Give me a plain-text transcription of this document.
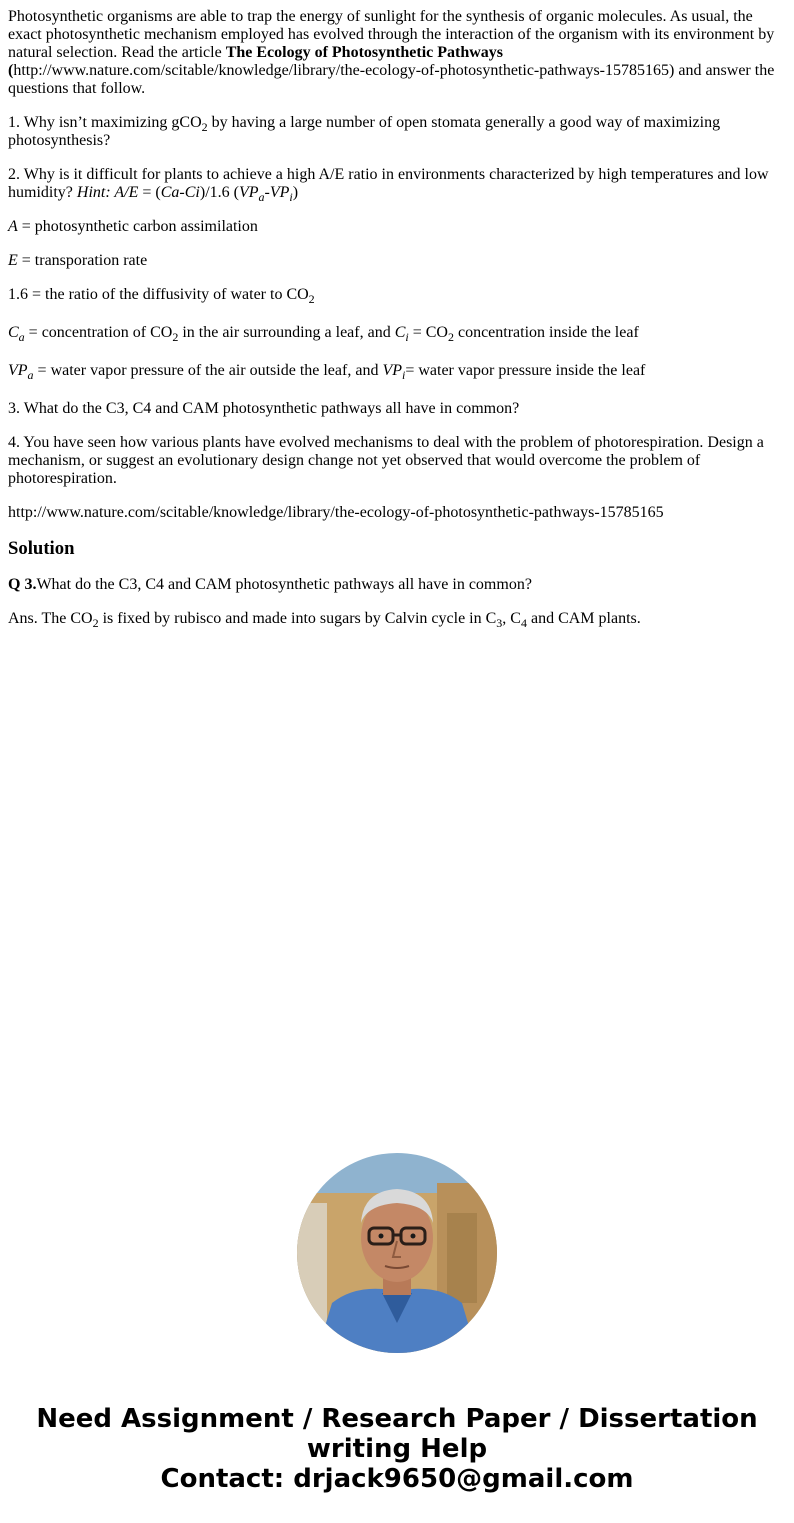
Photosynthetic organisms are able to trap the energy of sunlight for the synthesis of organic molecules. As usual, the exact photosynthetic mechanism employed has evolved through the interaction of the organism with its environment by natural selection. Read the article The Ecology of Photosynthetic Pathways (http://www.nature.com/scitable/knowledge/library/the-ecology-of-photosynthetic-pathways-15785165) and answer the questions that follow.

1. Why isn’t maximizing gCO$_2$ by having a large number of open stomata generally a good way of maximizing photosynthesis?

2. Why is it difficult for plants to achieve a high A/E ratio in environments characterized by high temperatures and low humidity? Hint: A/E = (Ca-Ci)/1.6 $(VP_a-VP_i)$

A = photosynthetic carbon assimilation

E = transporation rate

1.6 = the ratio of the diffusivity of water to $CO_2$

$C_a$ = concentration of $CO_2$ in the air surrounding a leaf, and $C_i = CO_2$ concentration inside the leaf

$VP_a$ = water vapor pressure of the air outside the leaf, and $VP_i=$ water vapor pressure inside the leaf

3. What do the C3, C4 and CAM photosynthetic pathways all have in common?

4. You have seen how various plants have evolved mechanisms to deal with the problem of photorespiration. Design a mechanism, or suggest an evolutionary design change not yet observed that would overcome the problem of photorespiration.

http://www.nature.com/scitable/knowledge/library/the-ecology-of-photosynthetic-pathways-15785165

Solution

Q 3.What do the C3, C4 and CAM photosynthetic pathways all have in common?

Ans. The $CO_2$ is fixed by rubisco and made into sugars by Calvin cycle in $C_3$, $C_4$ and CAM plants.

Need Assignment / Research Paper / Dissertation
writing Help
Contact: drjack9650@gmail.com
